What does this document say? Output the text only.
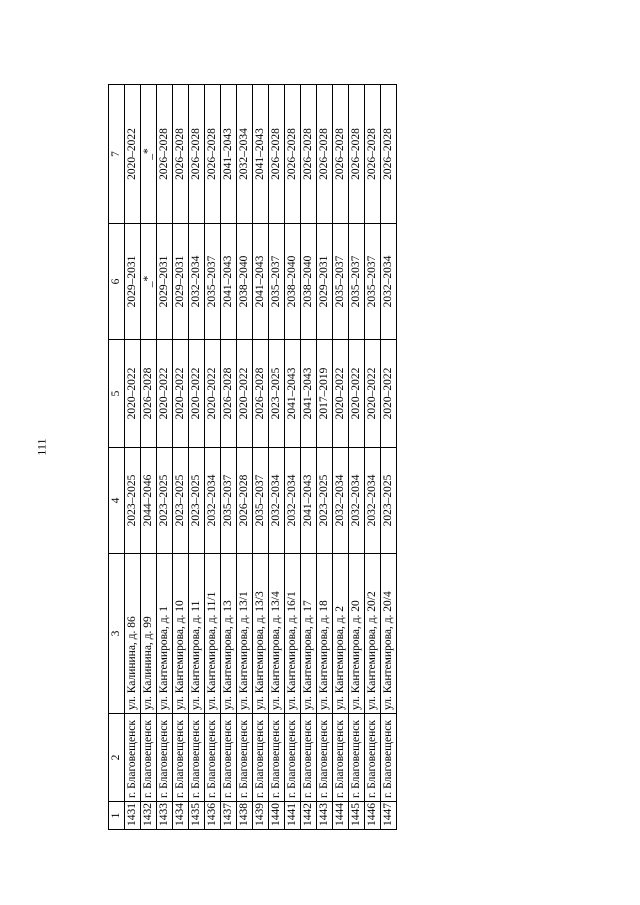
111
1	2	3	4	5	6	7
1431	г. Благовещенск	ул. Калинина, д. 86	2023–2025	2020–2022	2029–2031	2020–2022
1432	г. Благовещенск	ул. Калинина, д. 99	2044–2046	2026–2028	_*	_*
1433	г. Благовещенск	ул. Кантемирова, д. 1	2023–2025	2020–2022	2029–2031	2026–2028
1434	г. Благовещенск	ул. Кантемирова, д. 10	2023–2025	2020–2022	2029–2031	2026–2028
1435	г. Благовещенск	ул. Кантемирова, д. 11	2023–2025	2020–2022	2032–2034	2026–2028
1436	г. Благовещенск	ул. Кантемирова, д. 11/1	2032–2034	2020–2022	2035–2037	2026–2028
1437	г. Благовещенск	ул. Кантемирова, д. 13	2035–2037	2026–2028	2041–2043	2041–2043
1438	г. Благовещенск	ул. Кантемирова, д. 13/1	2026–2028	2020–2022	2038–2040	2032–2034
1439	г. Благовещенск	ул. Кантемирова, д. 13/3	2035–2037	2026–2028	2041–2043	2041–2043
1440	г. Благовещенск	ул. Кантемирова, д. 13/4	2032–2034	2023–2025	2035–2037	2026–2028
1441	г. Благовещенск	ул. Кантемирова, д. 16/1	2032–2034	2041–2043	2038–2040	2026–2028
1442	г. Благовещенск	ул. Кантемирова, д. 17	2041–2043	2041–2043	2038–2040	2026–2028
1443	г. Благовещенск	ул. Кантемирова, д. 18	2023–2025	2017–2019	2029–2031	2026–2028
1444	г. Благовещенск	ул. Кантемирова, д. 2	2032–2034	2020–2022	2035–2037	2026–2028
1445	г. Благовещенск	ул. Кантемирова, д. 20	2032–2034	2020–2022	2035–2037	2026–2028
1446	г. Благовещенск	ул. Кантемирова, д. 20/2	2032–2034	2020–2022	2035–2037	2026–2028
1447	г. Благовещенск	ул. Кантемирова, д. 20/4	2023–2025	2020–2022	2032–2034	2026–2028
